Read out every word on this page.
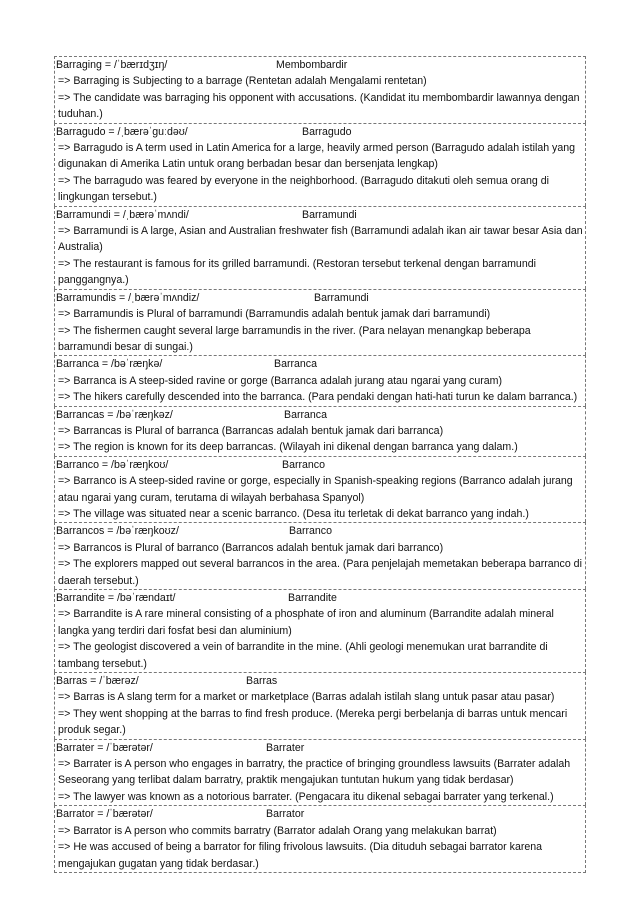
Barraging = /ˈbærɪdʒɪŋ/	Membombardir
=> Barraging is Subjecting to a barrage (Rentetan adalah Mengalami rentetan)
=> The candidate was barraging his opponent with accusations. (Kandidat itu membombardir lawannya dengan tuduhan.)
Barragudo = /ˌbærəˈguːdəʊ/	Barragudo
=> Barragudo is A term used in Latin America for a large, heavily armed person (Barragudo adalah istilah yang digunakan di Amerika Latin untuk orang berbadan besar dan bersenjata lengkap)
=> The barragudo was feared by everyone in the neighborhood. (Barragudo ditakuti oleh semua orang di lingkungan tersebut.)
Barramundi = /ˌbærəˈmʌndi/	Barramundi
=> Barramundi is A large, Asian and Australian freshwater fish (Barramundi adalah ikan air tawar besar Asia dan Australia)
=> The restaurant is famous for its grilled barramundi. (Restoran tersebut terkenal dengan barramundi panggangnya.)
Barramundis = /ˌbærəˈmʌndiz/	Barramundi
=> Barramundis is Plural of barramundi (Barramundis adalah bentuk jamak dari barramundi)
=> The fishermen caught several large barramundis in the river. (Para nelayan menangkap beberapa barramundi besar di sungai.)
Barranca = /bəˈræŋkə/	Barranca
=> Barranca is A steep-sided ravine or gorge (Barranca adalah jurang atau ngarai yang curam)
=> The hikers carefully descended into the barranca. (Para pendaki dengan hati-hati turun ke dalam barranca.)
Barrancas = /bəˈræŋkəz/	Barranca
=> Barrancas is Plural of barranca (Barrancas adalah bentuk jamak dari barranca)
=> The region is known for its deep barrancas. (Wilayah ini dikenal dengan barranca yang dalam.)
Barranco = /bəˈræŋkoʊ/	Barranco
=> Barranco is A steep-sided ravine or gorge, especially in Spanish-speaking regions (Barranco adalah jurang atau ngarai yang curam, terutama di wilayah berbahasa Spanyol)
=> The village was situated near a scenic barranco. (Desa itu terletak di dekat barranco yang indah.)
Barrancos = /bəˈræŋkoʊz/	Barranco
=> Barrancos is Plural of barranco (Barrancos adalah bentuk jamak dari barranco)
=> The explorers mapped out several barrancos in the area. (Para penjelajah memetakan beberapa barranco di daerah tersebut.)
Barrandite = /bəˈrændaɪt/	Barrandite
=> Barrandite is A rare mineral consisting of a phosphate of iron and aluminum (Barrandite adalah mineral langka yang terdiri dari fosfat besi dan aluminium)
=> The geologist discovered a vein of barrandite in the mine. (Ahli geologi menemukan urat barrandite di tambang tersebut.)
Barras = /ˈbærəz/	Barras
=> Barras is A slang term for a market or marketplace (Barras adalah istilah slang untuk pasar atau pasar)
=> They went shopping at the barras to find fresh produce. (Mereka pergi berbelanja di barras untuk mencari produk segar.)
Barrater = /ˈbærətər/	Barrater
=> Barrater is A person who engages in barratry, the practice of bringing groundless lawsuits (Barrater adalah Seseorang yang terlibat dalam barratry, praktik mengajukan tuntutan hukum yang tidak berdasar)
=> The lawyer was known as a notorious barrater. (Pengacara itu dikenal sebagai barrater yang terkenal.)
Barrator = /ˈbærətər/	Barrator
=> Barrator is A person who commits barratry (Barrator adalah Orang yang melakukan barrat)
=> He was accused of being a barrator for filing frivolous lawsuits. (Dia dituduh sebagai barrator karena mengajukan gugatan yang tidak berdasar.)
